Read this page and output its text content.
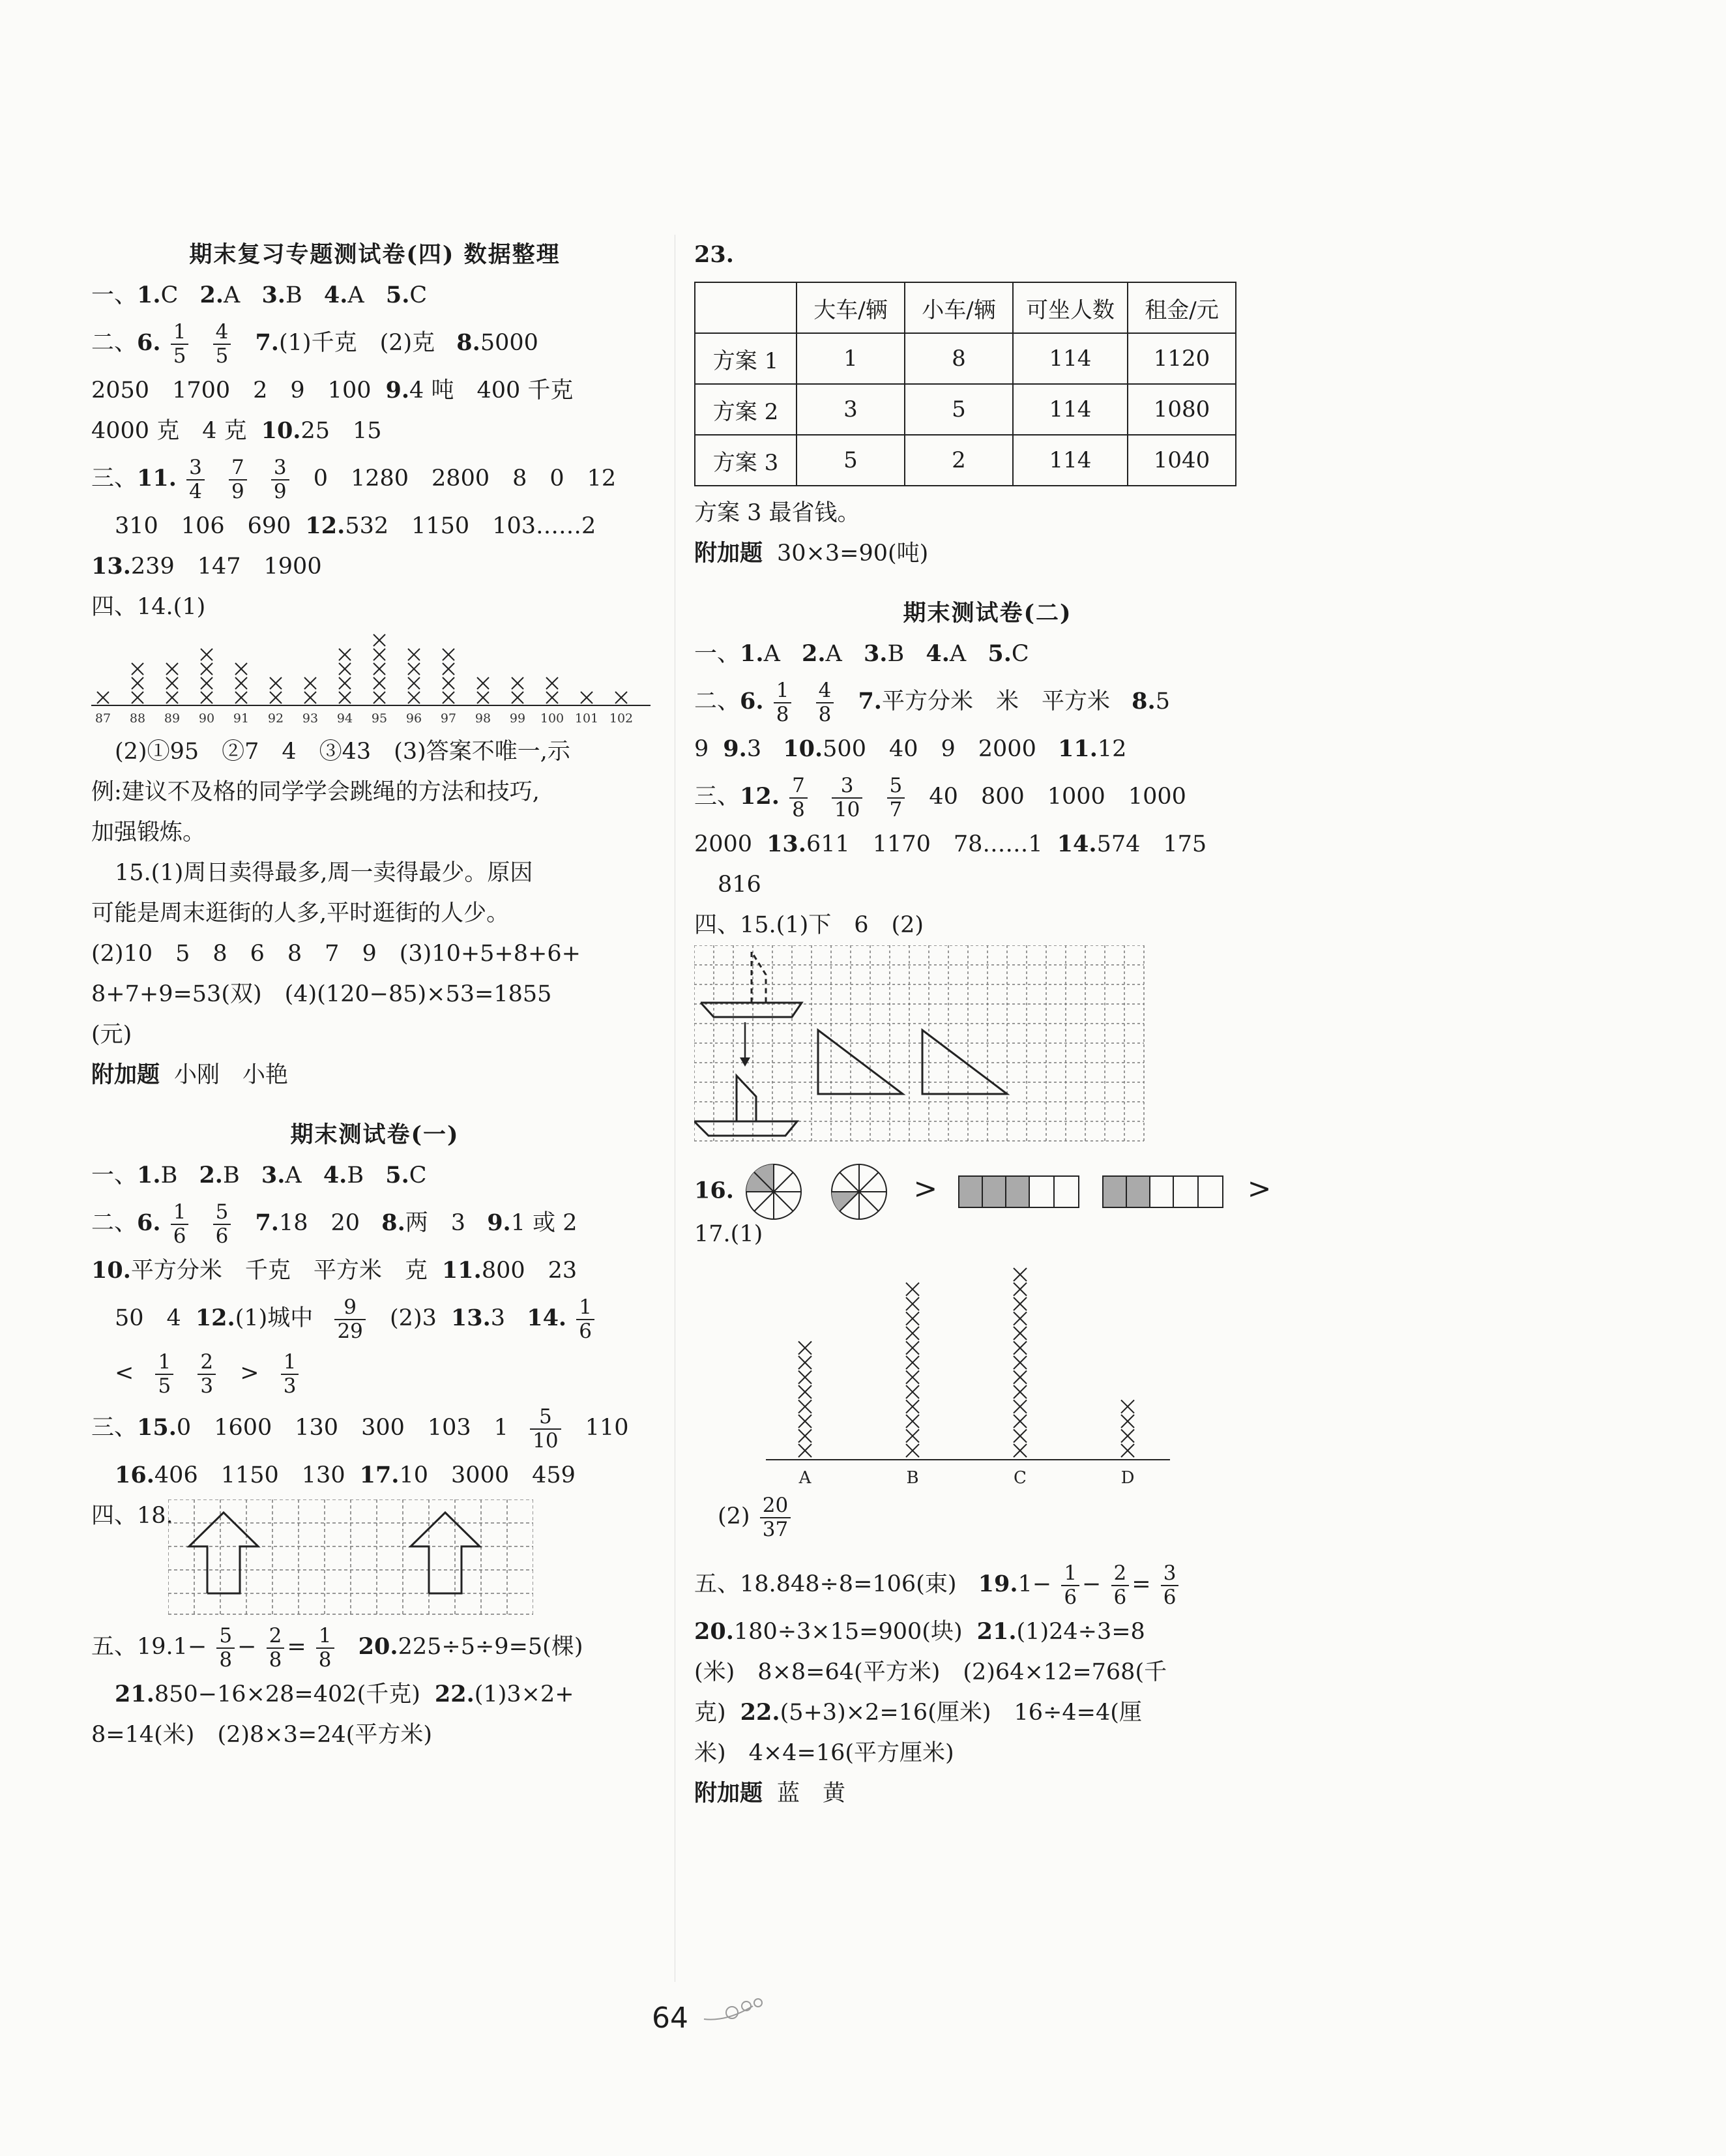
期末复习专题测试卷(四) 数据整理
一、1.C 2.A 3.B 4.A 5.C
二、6. $\frac{1}{5}$
$\frac{4}{5} 7.(1)$千克　(2)克 8.5000
2050　1700　2　9　100 9.4 吨　400 千克
4000 克　4 克 10.25　15
三、11. $\frac{3}{4}$
$\frac{7}{9}$
$\frac{3}{9} 0$　1280　2800　8　0　12
310　106　690 12.532　1150　103……2
13.239　147　1900
四、14.(1)
87 88 89 90 91 92 93 94 95 96 97 98 99 100 101 102
(2)①95　②7　4　③43　(3)答案不唯一,示
例:建议不及格的同学学会跳绳的方法和技巧,
加强锻炼。
15.(1)周日卖得最多,周一卖得最少。原因
可能是周末逛街的人多,平时逛街的人少。
(2)10　5　8　6　8　7　9　(3)10+5+8+6+
8+7+9=53(双)　(4)(120−85)×53=1855
(元)
附加题 小刚　小艳
期末测试卷(一)
一、1.B 2.B 3.A 4.B 5.C
二、6. $\frac{1}{6}$
$\frac{5}{6} 7.18$　20 8.两　3 9.1 或 2
10.平方分米　千克　平方米　克 11.800　23
50　4 12.(1)城中 $\frac{9}{29} (2)3$ 13.3 14. $\frac{1}{6}$
< $\frac{1}{5}$
$\frac{2}{3} > \frac{1}{3}$
三、15.0　1600　130　300　103　$1 \frac{5}{10} 110$
16.406　1150　130 17.10　3000　459
四、18.
五、$19.1- \frac{5}{8} - \frac{2}{8} = \frac{1}{8} 20.225\div 5\div 9=5$(棵)
21.850−16×28=402(千克) 22.(1)3×2+
8=14(米)　(2)8×3=24(平方米)
23.
	大车/辆	小车/辆	可坐人数	租金/元
方案 1	1	8	114	1120
方案 2	3	5	114	1080
方案 3	5	2	114	1040
方案 3 最省钱。
附加题 30×3=90(吨)
期末测试卷(二)
一、1.A 2.A 3.B 4.A 5.C
二、6. $\frac{1}{8}$
$\frac{4}{8} 7$.平方分米　米　平方米 8.5
9 9.3 10.500　40　9　2000 11.12
三、12. $\frac{7}{8}$
$\frac{3}{10}$
$\frac{5}{7} 40$　800　1000　1000
2000 13.611　1170　78……1 14.574　175
816
四、15.(1)下　6　(2)
16.	>	>
17.(1)
A	B	C	D
$(2) \frac{20}{37}$
五、18.848÷8=106(束) $19.1- \frac{1}{6} - \frac{2}{6} = \frac{3}{6}$
20.180÷3×15=900(块) 21.(1)24÷3=8
(米)　8×8=64(平方米)　(2)64×12=768(千
克) 22.(5+3)×2=16(厘米)　16÷4=4(厘
米)　4×4=16(平方厘米)
附加题 蓝　黄
64
